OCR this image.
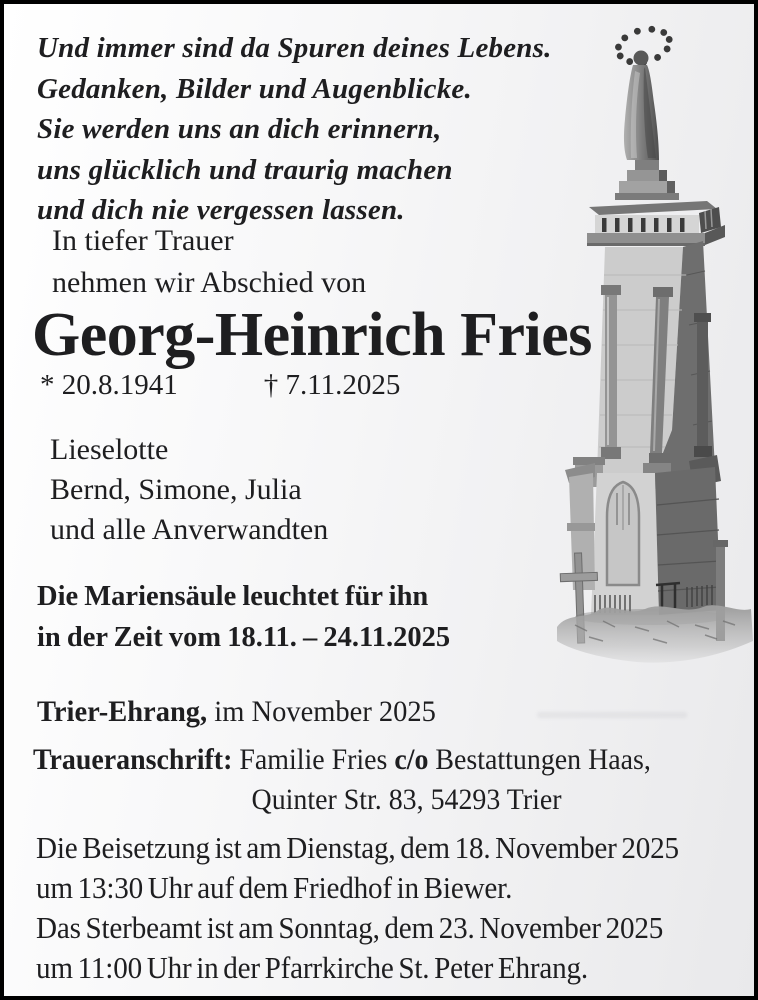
Und immer sind da Spuren deines Lebens.
Gedanken, Bilder und Augenblicke.
Sie werden uns an dich erinnern,
uns glücklich und traurig machen
und dich nie vergessen lassen.
In tiefer Trauer
nehmen wir Abschied von
Georg-Heinrich Fries
* 20.8.1941	† 7.11.2025
Lieselotte
Bernd, Simone, Julia
und alle Anverwandten
Die Mariensäule leuchtet für ihn
in der Zeit vom 18.11. – 24.11.2025
Trier-Ehrang, im November 2025
Traueranschrift: Familie Fries c/o Bestattungen Haas,
Quinter Str. 83, 54293 Trier
Die Beisetzung ist am Dienstag, dem 18. November 2025
um 13:30 Uhr auf dem Friedhof in Biewer.
Das Sterbeamt ist am Sonntag, dem 23. November 2025
um 11:00 Uhr in der Pfarrkirche St. Peter Ehrang.
